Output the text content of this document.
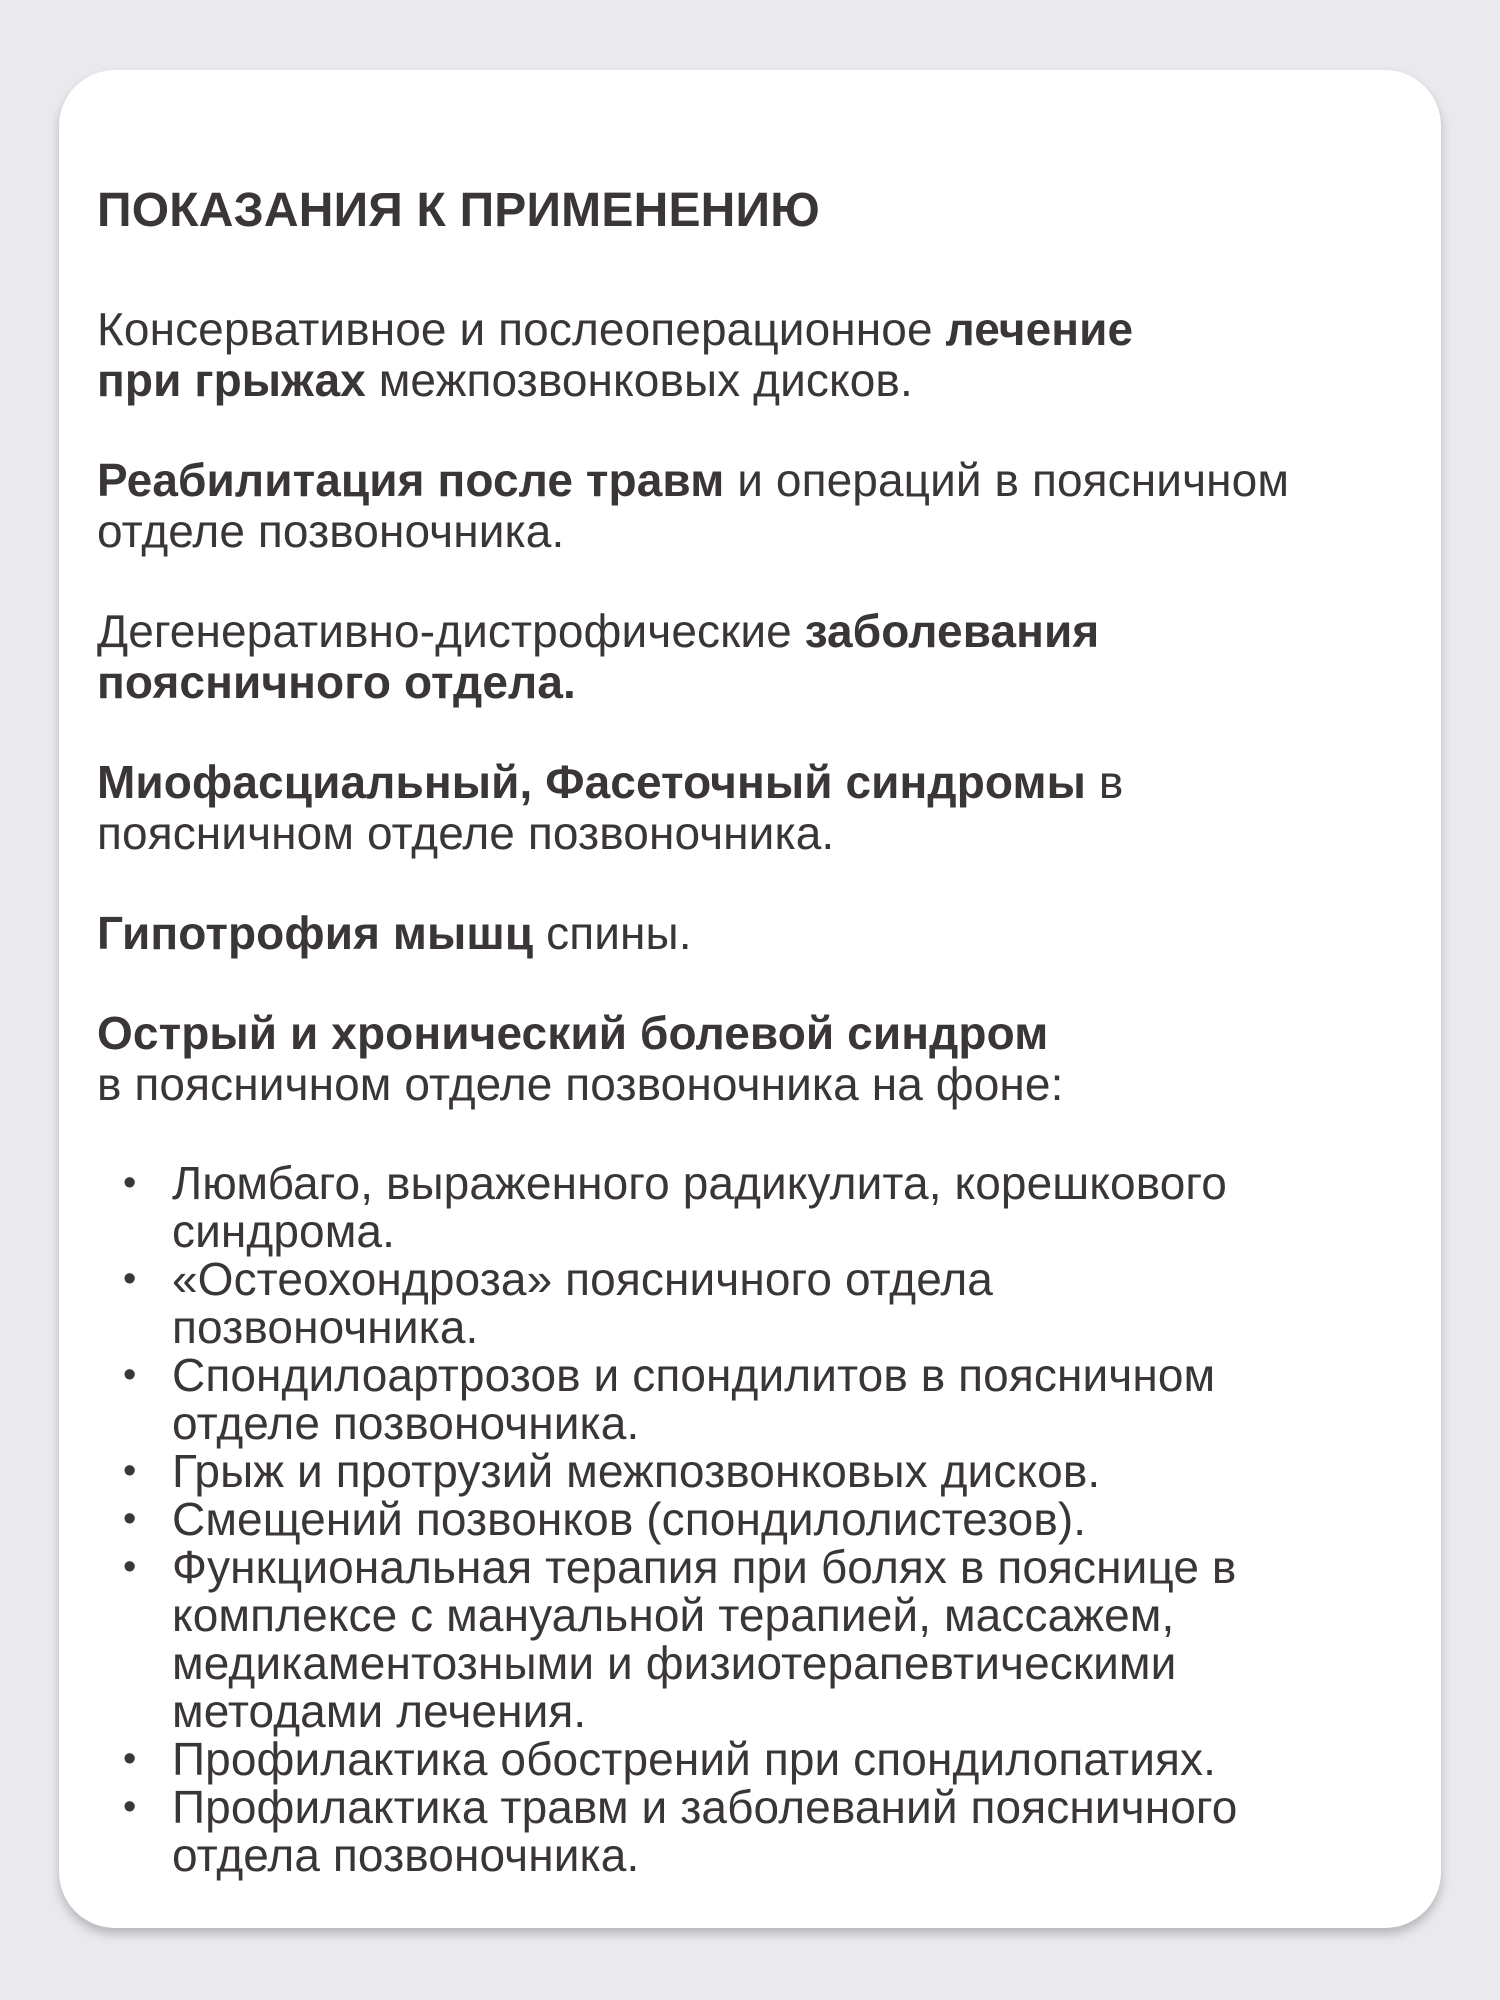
ПОКАЗАНИЯ К ПРИМЕНЕНИЮ
Консервативное и послеоперационное лечение
при грыжах межпозвонковых дисков.
Реабилитация после травм и операций в поясничном
отделе позвоночника.
Дегенеративно-дистрофические заболевания
поясничного отдела.
Миофасциальный, Фасеточный синдромы в
поясничном отделе позвоночника.
Гипотрофия мышц спины.
Острый и хронический болевой синдром
в поясничном отделе позвоночника на фоне:
• Люмбаго, выраженного радикулита, корешкового
синдрома.
• «Остеохондроза» поясничного отдела
позвоночника.
• Спондилоартрозов и спондилитов в поясничном
отделе позвоночника.
• Грыж и протрузий межпозвонковых дисков.
• Смещений позвонков (спондилолистезов).
• Функциональная терапия при болях в пояснице в
комплексе с мануальной терапией, массажем,
медикаментозными и физиотерапевтическими
методами лечения.
• Профилактика обострений при спондилопатиях.
• Профилактика травм и заболеваний поясничного
отдела позвоночника.
